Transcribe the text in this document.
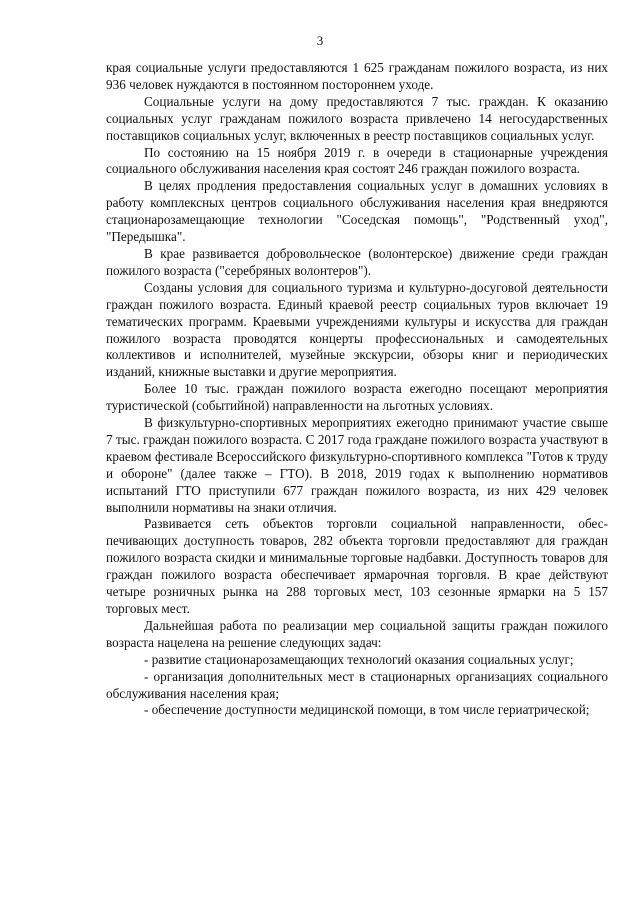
3

края социальные услуги предоставляются 1 625 гражданам пожилого возраста, из них 936 человек нуждаются в постоянном постороннем уходе.

Социальные услуги на дому предоставляются 7 тыс. граждан. К оказанию социальных услуг гражданам пожилого возраста привлечено 14 негосударственных поставщиков социальных услуг, включенных в реестр поставщиков социальных услуг.

По состоянию на 15 ноября 2019 г. в очереди в стационарные учреждения социального обслуживания населения края состоят 246 граждан пожилого возраста.

В целях продления предоставления социальных услуг в домашних условиях в работу комплексных центров социального обслуживания населения края внедряются стационарозамещающие технологии "Соседская помощь", "Родственный уход", "Передышка".

В крае развивается добровольческое (волонтерское) движение среди граждан пожилого возраста ("серебряных волонтеров").

Созданы условия для социального туризма и культурно-досуговой деятельности граждан пожилого возраста. Единый краевой реестр социальных туров включает 19 тематических программ. Краевыми учреждениями культуры и искусства для граждан пожилого возраста проводятся концерты профессиональных и самодеятельных коллективов и исполнителей, музейные экскурсии, обзоры книг и периодических изданий, книжные выставки и другие мероприятия.

Более 10 тыс. граждан пожилого возраста ежегодно посещают мероприятия туристической (событийной) направленности на льготных условиях.

В физкультурно-спортивных мероприятиях ежегодно принимают участие свыше 7 тыс. граждан пожилого возраста. С 2017 года граждане пожилого возраста участвуют в краевом фестивале Всероссийского физкультурно-спортивного комплекса "Готов к труду и обороне" (далее также – ГТО). В 2018, 2019 годах к выполнению нормативов испытаний ГТО приступили 677 граждан пожилого возраста, из них 429 человек выполнили нормативы на знаки отличия.

Развивается сеть объектов торговли социальной направленности, обеспечивающих доступность товаров, 282 объекта торговли предоставляют для граждан пожилого возраста скидки и минимальные торговые надбавки. Доступность товаров для граждан пожилого возраста обеспечивает ярмарочная торговля. В крае действуют четыре розничных рынка на 288 торговых мест, 103 сезонные ярмарки на 5 157 торговых мест.

Дальнейшая работа по реализации мер социальной защиты граждан пожилого возраста нацелена на решение следующих задач:

- развитие стационарозамещающих технологий оказания социальных услуг;

- организация дополнительных мест в стационарных организациях социального обслуживания населения края;

- обеспечение доступности медицинской помощи, в том числе гериатрической;
